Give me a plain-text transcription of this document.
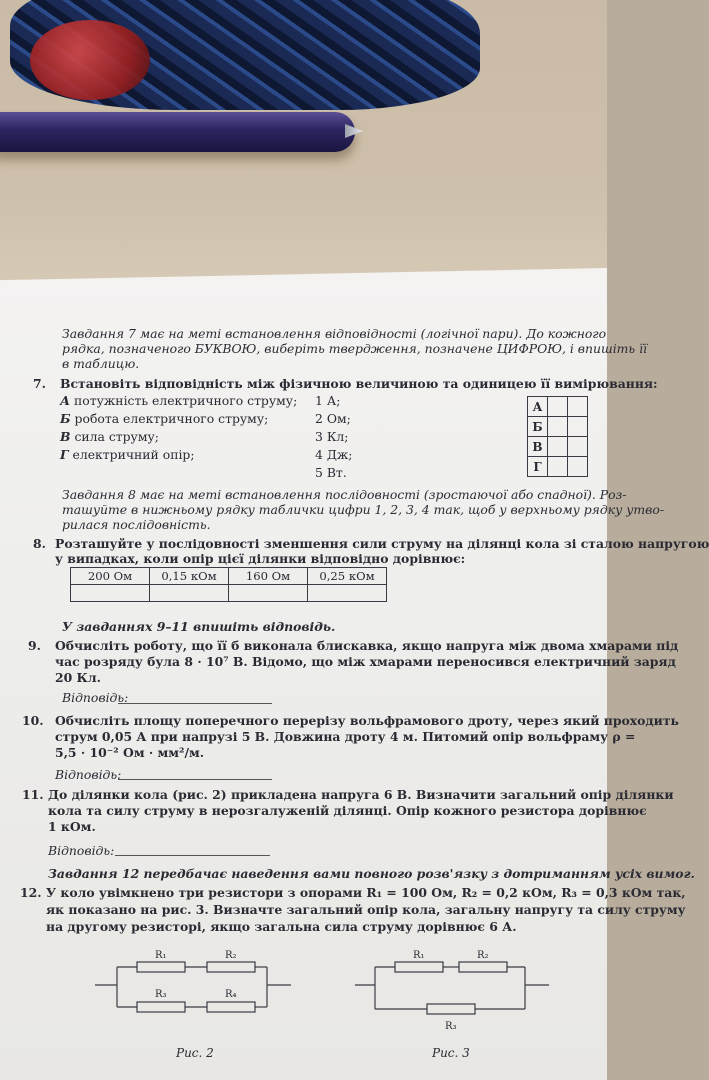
Завдання 7 має на меті встановлення відповідності (логічної пари). До кожного
рядка, позначеного БУКВОЮ, виберіть твердження, позначене ЦИФРОЮ, і впишіть її
в таблицю.
7. Встановіть відповідність між фізичною величиною та одиницею її вимірювання:
А потужність електричного струму;
Б робота електричного струму;
В сила струму;
Г електричний опір;
1 А;
2 Ом;
3 Кл;
4 Дж;
5 Вт.
А		
Б		
В		
Г		
Завдання 8 має на меті встановлення послідовності (зростаючої або спадної). Роз-
ташуйте в нижньому рядку таблички цифри 1, 2, 3, 4 так, щоб у верхньому рядку утво-
рилася послідовність.
8. Розташуйте у послідовності зменшення сили струму на ділянці кола зі сталою напругою
у випадках, коли опір цієї ділянки відповідно дорівнює:
200 Ом	0,15 кОм	160 Ом	0,25 кОм

У завданнях 9–11 впишіть відповідь.
9. Обчисліть роботу, що її б виконала блискавка, якщо напруга між двома хмарами під
час розряду була 8 · 10⁷ В. Відомо, що між хмарами переносився електричний заряд
20 Кл.
Відповідь:
10. Обчисліть площу поперечного перерізу вольфрамового дроту, через який проходить
струм 0,05 А при напрузі 5 В. Довжина дроту 4 м. Питомий опір вольфраму ρ =
5,5 · 10⁻² Ом · мм²/м.
Відповідь:
11. До ділянки кола (рис. 2) прикладена напруга 6 В. Визначити загальний опір ділянки
кола та силу струму в нерозгалуженій ділянці. Опір кожного резистора дорівнює
1 кОм.
Відповідь:
Завдання 12 передбачає наведення вами повного розв'язку з дотриманням усіх вимог.
12. У коло увімкнено три резистори з опорами R₁ = 100 Ом, R₂ = 0,2 кОм, R₃ = 0,3 кОм так,
як показано на рис. 3. Визначте загальний опір кола, загальну напругу та силу струму
на другому резисторі, якщо загальна сила струму дорівнює 6 А.
R₁	R₂
R₃	R₄
Рис. 2
R₁	R₂
R₃
Рис. 3
